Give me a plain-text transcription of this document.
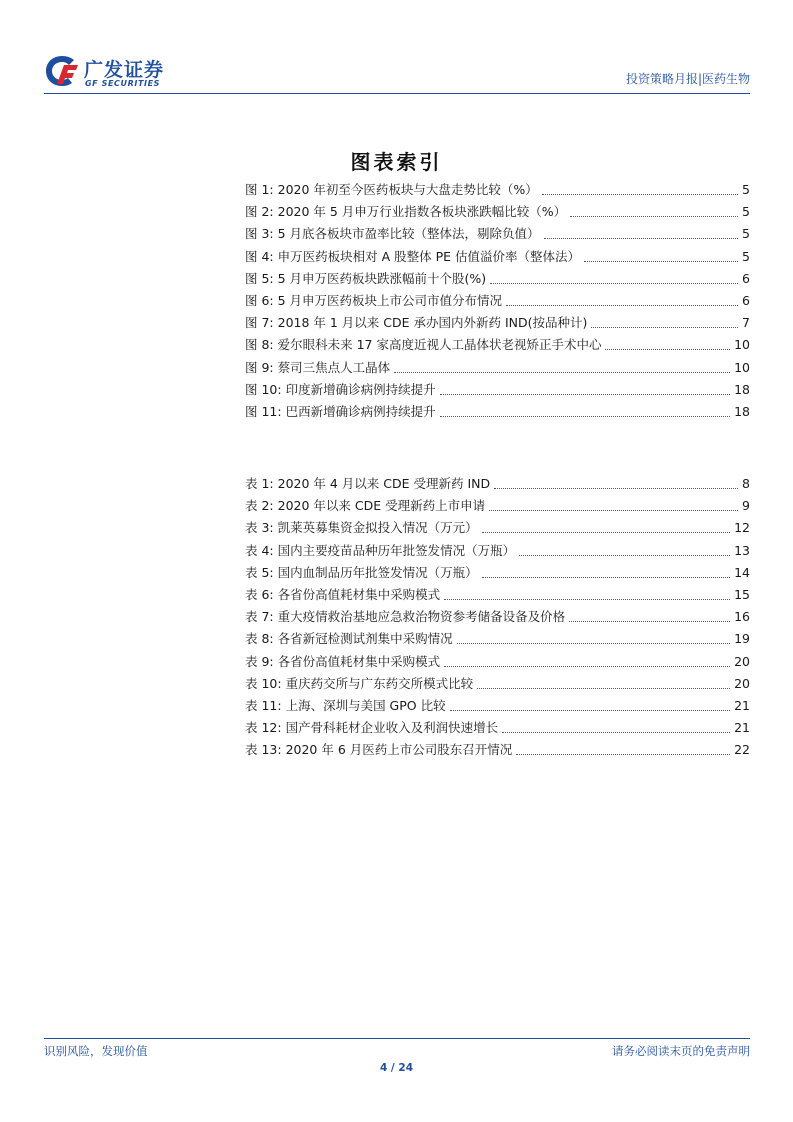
广发证券
GF SECURITIES	投资策略月报|医药生物
图表索引
图 1: 2020 年初至今医药板块与大盘走势比较（%）	5
图 2: 2020 年 5 月申万行业指数各板块涨跌幅比较（%）	5
图 3: 5 月底各板块市盈率比较（整体法，剔除负值）	5
图 4: 申万医药板块相对 A 股整体 PE 估值溢价率（整体法）	5
图 5: 5 月申万医药板块跌涨幅前十个股(%)	6
图 6: 5 月申万医药板块上市公司市值分布情况	6
图 7: 2018 年 1 月以来 CDE 承办国内外新药 IND(按品种计)	7
图 8: 爱尔眼科未来 17 家高度近视人工晶体状老视矫正手术中心	10
图 9: 蔡司三焦点人工晶体	10
图 10: 印度新增确诊病例持续提升	18
图 11: 巴西新增确诊病例持续提升	18
表 1: 2020 年 4 月以来 CDE 受理新药 IND	8
表 2: 2020 年以来 CDE 受理新药上市申请	9
表 3: 凯莱英募集资金拟投入情况（万元）	12
表 4: 国内主要疫苗品种历年批签发情况（万瓶）	13
表 5: 国内血制品历年批签发情况（万瓶）	14
表 6: 各省份高值耗材集中采购模式	15
表 7: 重大疫情救治基地应急救治物资参考储备设备及价格	16
表 8: 各省新冠检测试剂集中采购情况	19
表 9: 各省份高值耗材集中采购模式	20
表 10: 重庆药交所与广东药交所模式比较	20
表 11: 上海、深圳与美国 GPO 比较	21
表 12: 国产骨科耗材企业收入及利润快速增长	21
表 13: 2020 年 6 月医药上市公司股东召开情况	22
识别风险，发现价值	请务必阅读末页的免责声明
4 / 24
